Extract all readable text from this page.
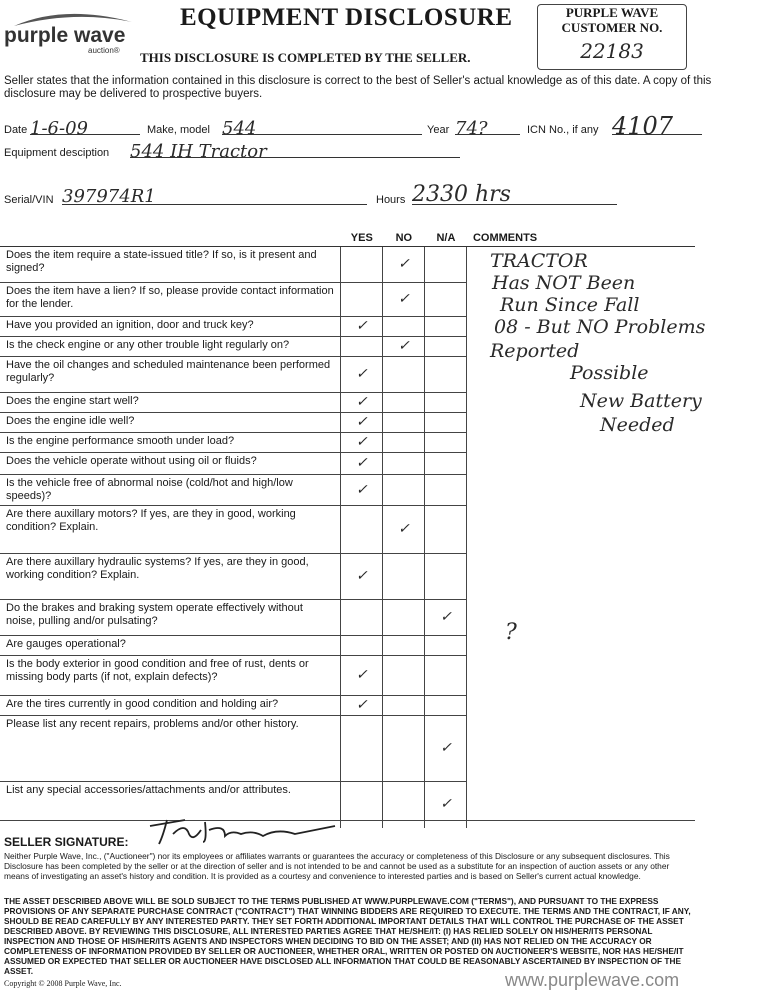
purple wave
auction®
EQUIPMENT DISCLOSURE
THIS DISCLOSURE IS COMPLETED BY THE SELLER.
PURPLE WAVE
CUSTOMER NO.
22183
Seller states that the information contained in this disclosure is correct to the best of Seller's actual knowledge as of this date. A copy of this disclosure may be delivered to prospective buyers.
Date 1-6-09	Make, model 544	Year 74?	ICN No., if any 4107
Equipment desciption 544 IH Tractor
Serial/VIN 397974R1	Hours 2330 hrs
	YES	NO	N/A	COMMENTS
Does the item require a state-issued title? If so, is it present and signed?		✓		
Does the item have a lien? If so, please provide contact information for the lender.		✓		
Have you provided an ignition, door and truck key?	✓			
Is the check engine or any other trouble light regularly on?		✓		
Have the oil changes and scheduled maintenance been performed regularly?	✓			
Does the engine start well?	✓			
Does the engine idle well?	✓			
Is the engine performance smooth under load?	✓			
Does the vehicle operate without using oil or fluids?	✓			
Is the vehicle free of abnormal noise (cold/hot and high/low speeds)?	✓			
Are there auxillary motors? If yes, are they in good, working condition? Explain.		✓		
Are there auxillary hydraulic systems? If yes, are they in good, working condition? Explain.	✓			
Do the brakes and braking system operate effectively without noise, pulling and/or pulsating?			✓	
Are gauges operational?				
Is the body exterior in good condition and free of rust, dents or missing body parts (if not, explain defects)?	✓			
Are the tires currently in good condition and holding air?	✓			
Please list any recent repairs, problems and/or other history.			✓	
List any special accessories/attachments and/or attributes.			✓	
TRACTOR
Has NOT Been
Run Since Fall
08 - But NO Problems
Reported
Possible
New Battery
Needed
?
SELLER SIGNATURE:
Neither Purple Wave, Inc., ("Auctioneer") nor its employees or affiliates warrants or guarantees the accuracy or completeness of this Disclosure or any subsequent disclosures. This Disclosure has been completed by the seller or at the direction of seller and is not intended to be and cannot be used as a substitute for an inspection of auction assets or any other means of investigating an asset's history and condition. It is provided as a courtesy and convenience to interested parties and is based on Seller's current actual knowledge.
THE ASSET DESCRIBED ABOVE WILL BE SOLD SUBJECT TO THE TERMS PUBLISHED AT WWW.PURPLEWAVE.COM ("TERMS"), AND PURSUANT TO THE EXPRESS PROVISIONS OF ANY SEPARATE PURCHASE CONTRACT ("CONTRACT") THAT WINNING BIDDERS ARE REQUIRED TO EXECUTE. THE TERMS AND THE CONTRACT, IF ANY, SHOULD BE READ CAREFULLY BY ANY INTERESTED PARTY. THEY SET FORTH ADDITIONAL IMPORTANT DETAILS THAT WILL CONTROL THE PURCHASE OF THE ASSET DESCRIBED ABOVE. BY REVIEWING THIS DISCLOSURE, ALL INTERESTED PARTIES AGREE THAT HE/SHE/IT: (I) HAS RELIED SOLELY ON HIS/HER/ITS PERSONAL INSPECTION AND THOSE OF HIS/HER/ITS AGENTS AND INSPECTORS WHEN DECIDING TO BID ON THE ASSET; AND (II) HAS NOT RELIED ON THE ACCURACY OR COMPLETENESS OF INFORMATION PROVIDED BY SELLER OR AUCTIONEER, WHETHER ORAL, WRITTEN OR POSTED ON AUCTIONEER'S WEBSITE, NOR HAS HE/SHE/IT ASSUMED OR EXPECTED THAT SELLER OR AUCTIONEER HAVE DISCLOSED ALL INFORMATION THAT COULD BE REASONABLY ASCERTAINED BY INSPECTION OF THE ASSET.
Copyright © 2008 Purple Wave, Inc.	www.purplewave.com
